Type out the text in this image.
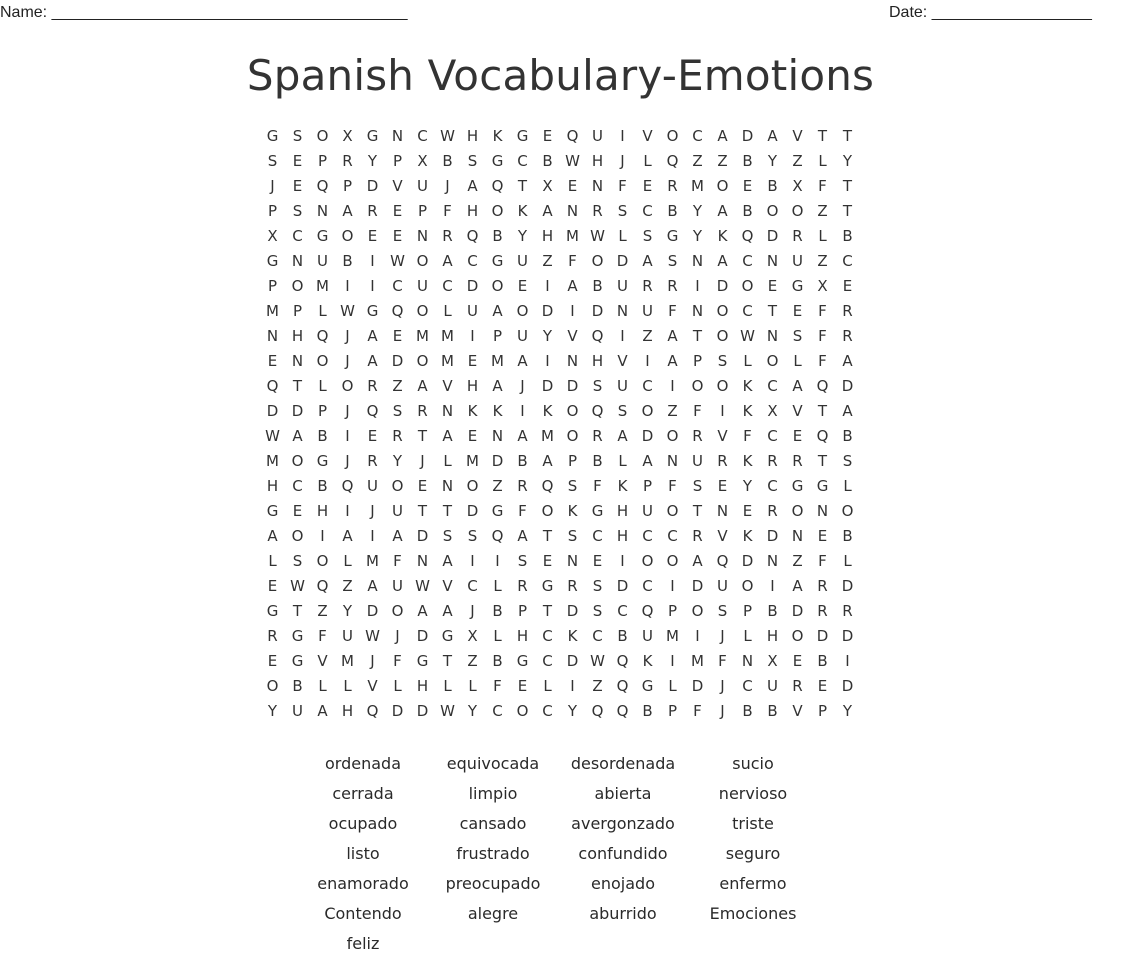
Name: ________________________________________	Date: __________________
Spanish Vocabulary-Emotions
G S O X G N C W H K G E Q U	I	V O C A D A V	T	T
S	E	P	R	Y	P	X B	S G C B W H	J	L Q Z Z B	Y	Z	L	Y
J	E Q P D V U	J	A Q T	X	E N	F	E	R M O E	B X	F	T
P	S N A R	E	P	F	H O K A N R	S C B	Y	A B O O Z	T
X C G O E	E N R Q B	Y H M W L	S G Y	K Q D R	L	B
G N U B	I	W O A C G U Z	F O D A	S N A C N U Z C
P O M	I	I	C U C D O E	I	A B U R R	I	D O E G X	E
M P	L W G Q O L	U A O D	I	D N U	F	N O C	T	E	F	R
N H Q	J	A	E M M	I	P U Y	V Q	I	Z A	T O W N S	F	R
E N O	J	A D O M E M A	I	N H V	I	A	P	S	L O L	F	A
Q T	L O R Z A V H A	J	D D S U C	I	O O K C A Q D
D D P	J	Q S	R N K	K	I	K O Q S O Z	F	I	K X V	T	A
W A B	I	E	R	T	A	E N A M O R A D O R V	F	C	E Q B
M O G	J	R	Y	J	L M D B A	P	B	L	A N U R K R R	T	S
H C B Q U O E N O Z R Q S	F	K	P	F	S	E	Y	C G G	L
G E H	I	J	U T	T D G F O K G H U O T N E	R O N O
A O	I	A	I	A D S	S Q A	T	S C H C C R V K D N E	B
L	S O L M F	N A	I	I	S	E N E	I	O O A Q D N Z	F	L
E W Q Z A U W V C	L	R G R	S D C	I	D U O	I	A R D
G T	Z	Y D O A A	J	B	P	T D S C Q P O S	P	B D R R
R G F	U W	J	D G X	L	H C K C B U M	I	J	L	H O D D
E G V M	J	F G T	Z B G C D W Q K	I	M F	N X	E	B	I
O B	L	L	V	L	H	L	L	F	E	L	I	Z Q G	L	D	J	C U R	E D
Y U A H Q D D W Y	C O C	Y Q Q B	P	F	J	B B V	P	Y
ordenada	equivocada	desordenada	sucio
cerrada	limpio	abierta	nervioso
ocupado	cansado	avergonzado	triste
listo	frustrado	confundido	seguro
enamorado	preocupado	enojado	enfermo
Contendo	alegre	aburrido	Emociones
feliz
